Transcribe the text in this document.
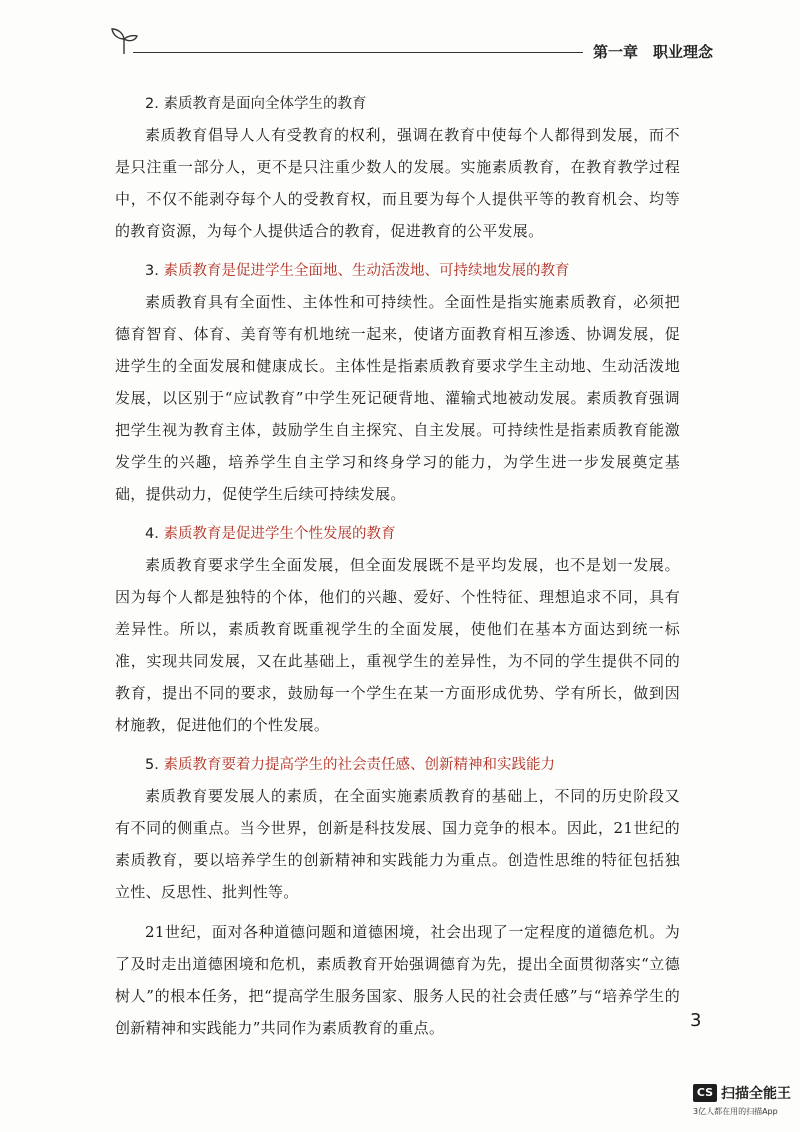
第一章　职业理念
2. 素质教育是面向全体学生的教育

素质教育倡导人人有受教育的权利，强调在教育中使每个人都得到发展，而不是只注重一部分人，更不是只注重少数人的发展。实施素质教育，在教育教学过程中，不仅不能剥夺每个人的受教育权，而且要为每个人提供平等的教育机会、均等的教育资源，为每个人提供适合的教育，促进教育的公平发展。

3. 素质教育是促进学生全面地、生动活泼地、可持续地发展的教育

素质教育具有全面性、主体性和可持续性。全面性是指实施素质教育，必须把德育智育、体育、美育等有机地统一起来，使诸方面教育相互渗透、协调发展，促进学生的全面发展和健康成长。主体性是指素质教育要求学生主动地、生动活泼地发展，以区别于“应试教育”中学生死记硬背地、灌输式地被动发展。素质教育强调把学生视为教育主体，鼓励学生自主探究、自主发展。可持续性是指素质教育能激发学生的兴趣，培养学生自主学习和终身学习的能力，为学生进一步发展奠定基础，提供动力，促使学生后续可持续发展。

4. 素质教育是促进学生个性发展的教育

素质教育要求学生全面发展，但全面发展既不是平均发展，也不是划一发展。因为每个人都是独特的个体，他们的兴趣、爱好、个性特征、理想追求不同，具有差异性。所以，素质教育既重视学生的全面发展，使他们在基本方面达到统一标准，实现共同发展，又在此基础上，重视学生的差异性，为不同的学生提供不同的教育，提出不同的要求，鼓励每一个学生在某一方面形成优势、学有所长，做到因材施教，促进他们的个性发展。

5. 素质教育要着力提高学生的社会责任感、创新精神和实践能力

素质教育要发展人的素质，在全面实施素质教育的基础上，不同的历史阶段又有不同的侧重点。当今世界，创新是科技发展、国力竞争的根本。因此，21世纪的素质教育，要以培养学生的创新精神和实践能力为重点。创造性思维的特征包括独立性、反思性、批判性等。

21世纪，面对各种道德问题和道德困境，社会出现了一定程度的道德危机。为了及时走出道德困境和危机，素质教育开始强调德育为先，提出全面贯彻落实“立德树人”的根本任务，把“提高学生服务国家、服务人民的社会责任感”与“培养学生的创新精神和实践能力”共同作为素质教育的重点。	3
CS 扫描全能王
3亿人都在用的扫描App
